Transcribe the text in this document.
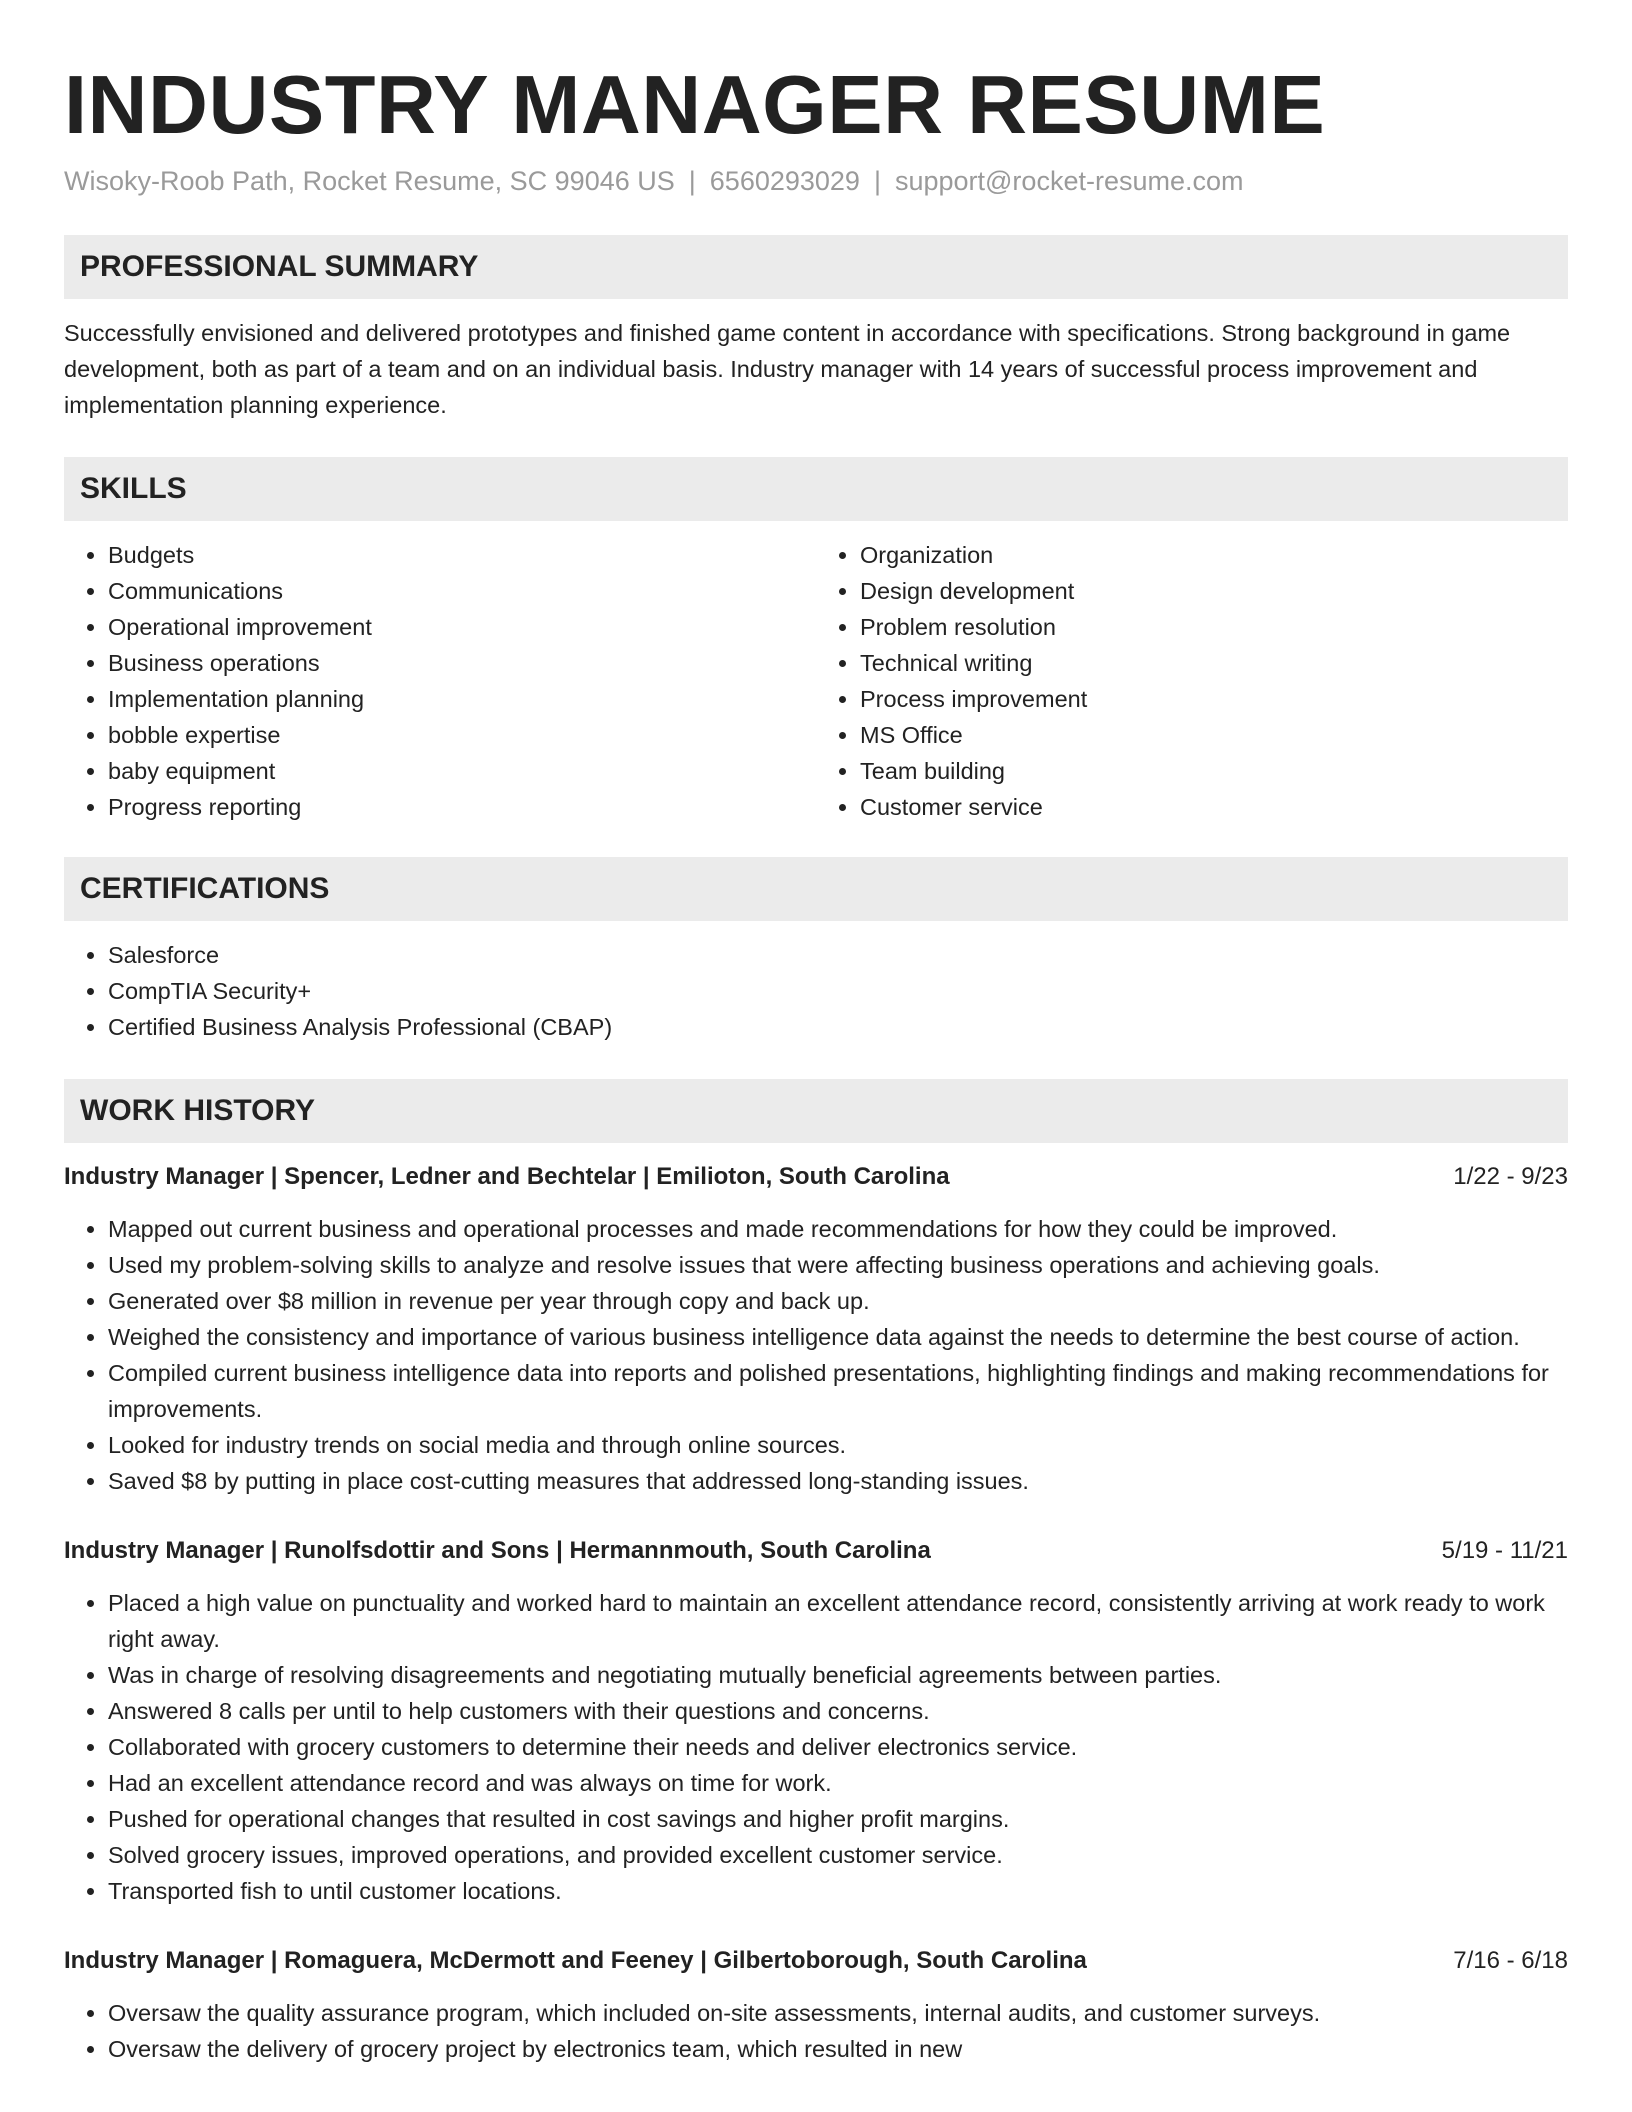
INDUSTRY MANAGER RESUME
Wisoky-Roob Path, Rocket Resume, SC 99046 US | 6560293029 | support@rocket-resume.com
PROFESSIONAL SUMMARY

Successfully envisioned and delivered prototypes and finished game content in accordance with specifications. Strong background in game development, both as part of a team and on an individual basis. Industry manager with 14 years of successful process improvement and implementation planning experience.

SKILLS
• Budgets
• Communications
• Operational improvement
• Business operations
• Implementation planning
• bobble expertise
• baby equipment
• Progress reporting
• Organization
• Design development
• Problem resolution
• Technical writing
• Process improvement
• MS Office
• Team building
• Customer service
CERTIFICATIONS
• Salesforce
• CompTIA Security+
• Certified Business Analysis Professional (CBAP)
WORK HISTORY
Industry Manager | Spencer, Ledner and Bechtelar | Emilioton, South Carolina	1/22 - 9/23
• Mapped out current business and operational processes and made recommendations for how they could be improved.
• Used my problem-solving skills to analyze and resolve issues that were affecting business operations and achieving goals.
• Generated over $8 million in revenue per year through copy and back up.
• Weighed the consistency and importance of various business intelligence data against the needs to determine the best course of action.
• Compiled current business intelligence data into reports and polished presentations, highlighting findings and making recommendations for improvements.
• Looked for industry trends on social media and through online sources.
• Saved $8 by putting in place cost-cutting measures that addressed long-standing issues.
Industry Manager | Runolfsdottir and Sons | Hermannmouth, South Carolina	5/19 - 11/21
• Placed a high value on punctuality and worked hard to maintain an excellent attendance record, consistently arriving at work ready to work right away.
• Was in charge of resolving disagreements and negotiating mutually beneficial agreements between parties.
• Answered 8 calls per until to help customers with their questions and concerns.
• Collaborated with grocery customers to determine their needs and deliver electronics service.
• Had an excellent attendance record and was always on time for work.
• Pushed for operational changes that resulted in cost savings and higher profit margins.
• Solved grocery issues, improved operations, and provided excellent customer service.
• Transported fish to until customer locations.
Industry Manager | Romaguera, McDermott and Feeney | Gilbertoborough, South Carolina	7/16 - 6/18
• Oversaw the quality assurance program, which included on-site assessments, internal audits, and customer surveys.
• Oversaw the delivery of grocery project by electronics team, which resulted in new
